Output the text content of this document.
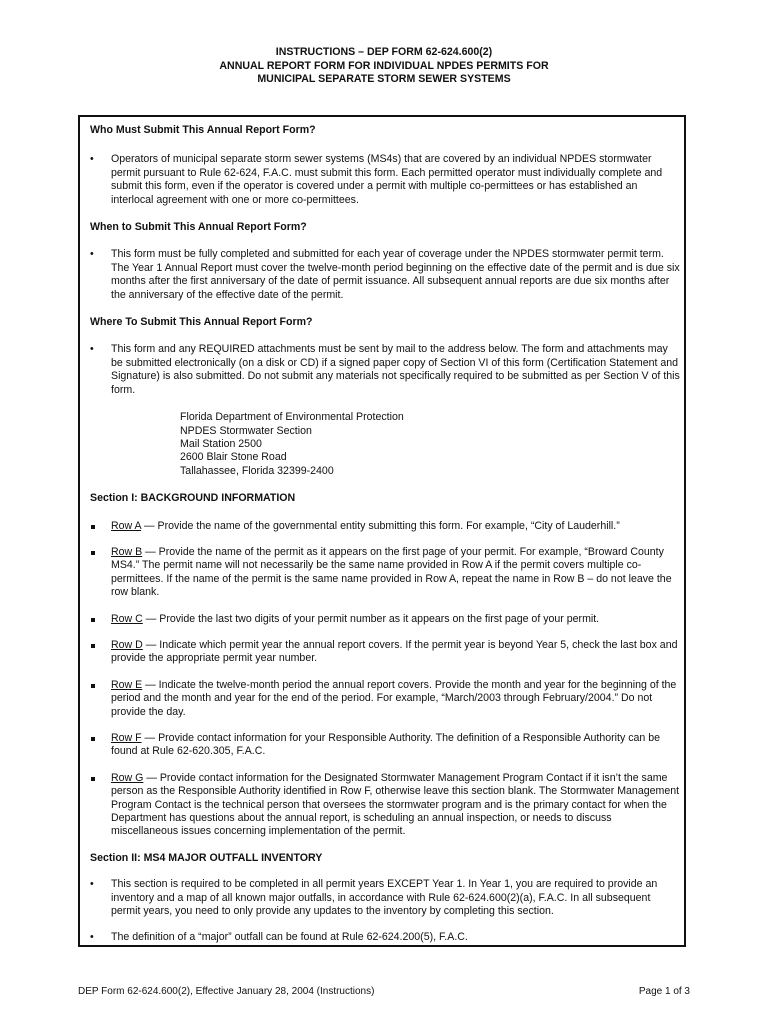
INSTRUCTIONS – DEP FORM 62-624.600(2)
ANNUAL REPORT FORM FOR INDIVIDUAL NPDES PERMITS FOR
MUNICIPAL SEPARATE STORM SEWER SYSTEMS

Who Must Submit This Annual Report Form?

• Operators of municipal separate storm sewer systems (MS4s) that are covered by an individual NPDES stormwater permit pursuant to Rule 62-624, F.A.C. must submit this form. Each permitted operator must individually complete and submit this form, even if the operator is covered under a permit with multiple co-permittees or has established an interlocal agreement with one or more co-permittees.

When to Submit This Annual Report Form?

• This form must be fully completed and submitted for each year of coverage under the NPDES stormwater permit term. The Year 1 Annual Report must cover the twelve-month period beginning on the effective date of the permit and is due six months after the first anniversary of the date of permit issuance. All subsequent annual reports are due six months after the anniversary of the effective date of the permit.

Where To Submit This Annual Report Form?

• This form and any REQUIRED attachments must be sent by mail to the address below. The form and attachments may be submitted electronically (on a disk or CD) if a signed paper copy of Section VI of this form (Certification Statement and Signature) is also submitted. Do not submit any materials not specifically required to be submitted as per Section V of this form.
Florida Department of Environmental Protection
NPDES Stormwater Section
Mail Station 2500
2600 Blair Stone Road
Tallahassee, Florida 32399-2400

Section I: BACKGROUND INFORMATION

Row A — Provide the name of the governmental entity submitting this form. For example, “City of Lauderhill.”
Row B — Provide the name of the permit as it appears on the first page of your permit. For example, “Broward County MS4.” The permit name will not necessarily be the same name provided in Row A if the permit covers multiple co-permittees. If the name of the permit is the same name provided in Row A, repeat the name in Row B – do not leave the row blank.
Row C — Provide the last two digits of your permit number as it appears on the first page of your permit.
Row D — Indicate which permit year the annual report covers. If the permit year is beyond Year 5, check the last box and provide the appropriate permit year number.
Row E — Indicate the twelve-month period the annual report covers. Provide the month and year for the beginning of the period and the month and year for the end of the period. For example, “March/2003 through February/2004.” Do not provide the day.
Row F — Provide contact information for your Responsible Authority. The definition of a Responsible Authority can be found at Rule 62-620.305, F.A.C.
Row G — Provide contact information for the Designated Stormwater Management Program Contact if it isn’t the same person as the Responsible Authority identified in Row F, otherwise leave this section blank. The Stormwater Management Program Contact is the technical person that oversees the stormwater program and is the primary contact for when the Department has questions about the annual report, is scheduling an annual inspection, or needs to discuss miscellaneous issues concerning implementation of the permit.

Section II: MS4 MAJOR OUTFALL INVENTORY

• This section is required to be completed in all permit years EXCEPT Year 1. In Year 1, you are required to provide an inventory and a map of all known major outfalls, in accordance with Rule 62-624.600(2)(a), F.A.C. In all subsequent permit years, you need to only provide any updates to the inventory by completing this section.
• The definition of a “major” outfall can be found at Rule 62-624.200(5), F.A.C.
DEP Form 62-624.600(2), Effective January 28, 2004 (Instructions)	Page 1 of 3
